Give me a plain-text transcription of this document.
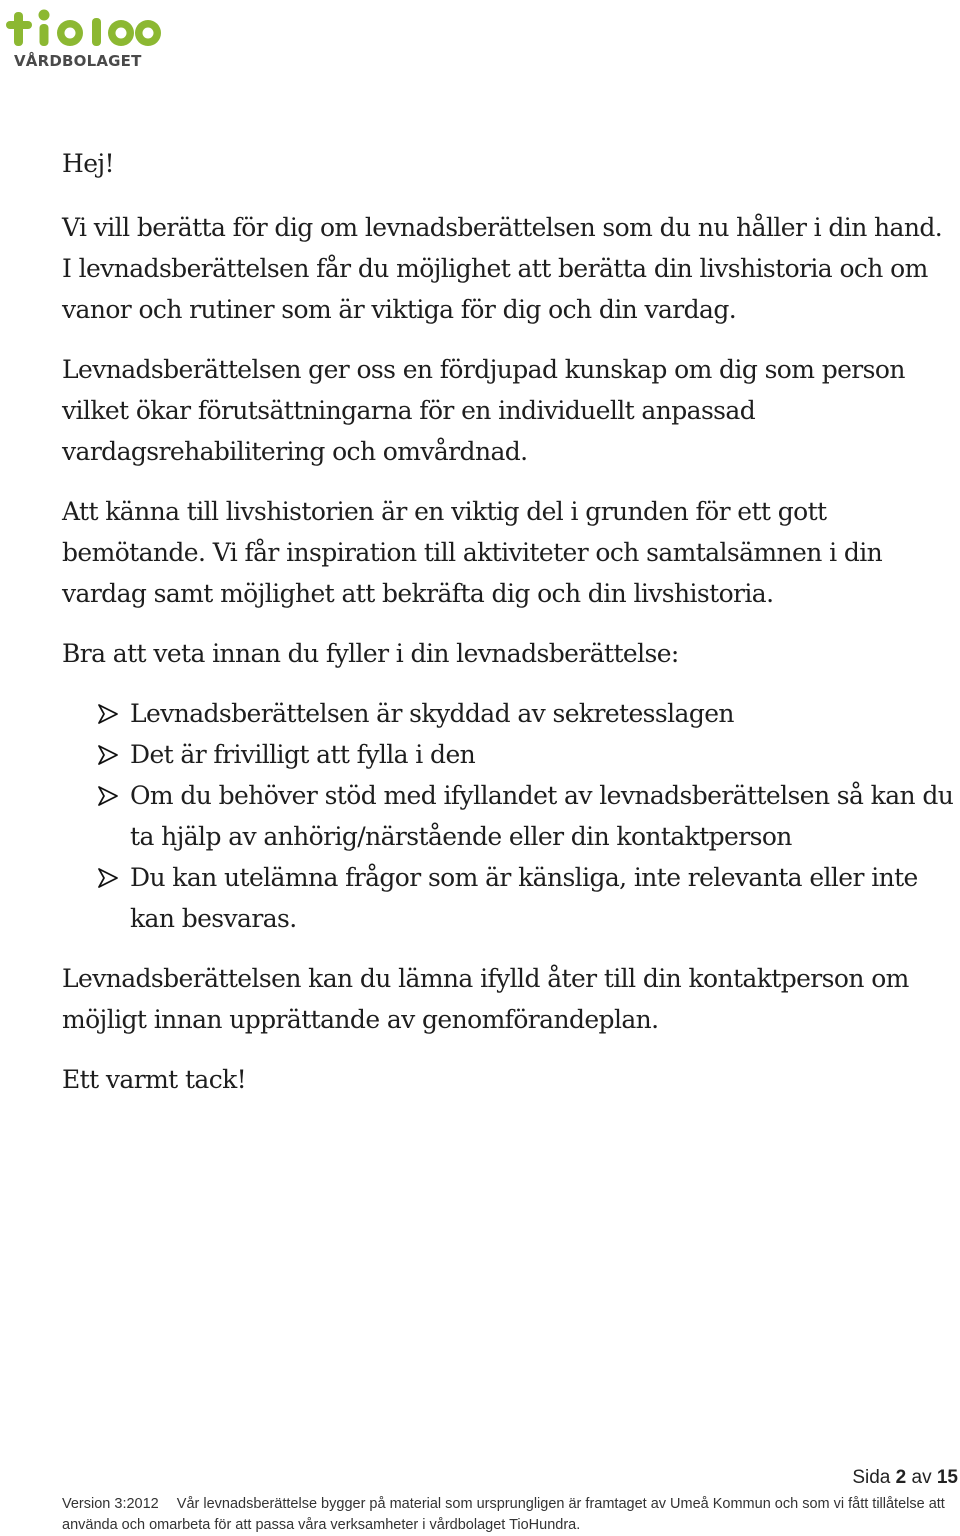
VÅRDBOLAGET

Hej!

Vi vill berätta för dig om levnadsberättelsen som du nu håller i din hand. I levnadsberättelsen får du möjlighet att berätta din livshistoria och om vanor och rutiner som är viktiga för dig och din vardag.

Levnadsberättelsen ger oss en fördjupad kunskap om dig som person vilket ökar förutsättningarna för en individuellt anpassad vardagsrehabilitering och omvårdnad.

Att känna till livshistorien är en viktig del i grunden för ett gott bemötande. Vi får inspiration till aktiviteter och samtalsämnen i din vardag samt möjlighet att bekräfta dig och din livshistoria.

Bra att veta innan du fyller i din levnadsberättelse:

Levnadsberättelsen är skyddad av sekretesslagen
Det är frivilligt att fylla i den
Om du behöver stöd med ifyllandet av levnadsberättelsen så kan du ta hjälp av anhörig/närstående eller din kontaktperson
Du kan utelämna frågor som är känsliga, inte relevanta eller inte kan besvaras.

Levnadsberättelsen kan du lämna ifylld åter till din kontaktperson om möjligt innan upprättande av genomförandeplan.

Ett varmt tack!

Sida 2 av 15
Version 3:2012 Vår levnadsberättelse bygger på material som ursprungligen är framtaget av Umeå Kommun och som vi fått tillåtelse att använda och omarbeta för att passa våra verksamheter i vårdbolaget TioHundra.
